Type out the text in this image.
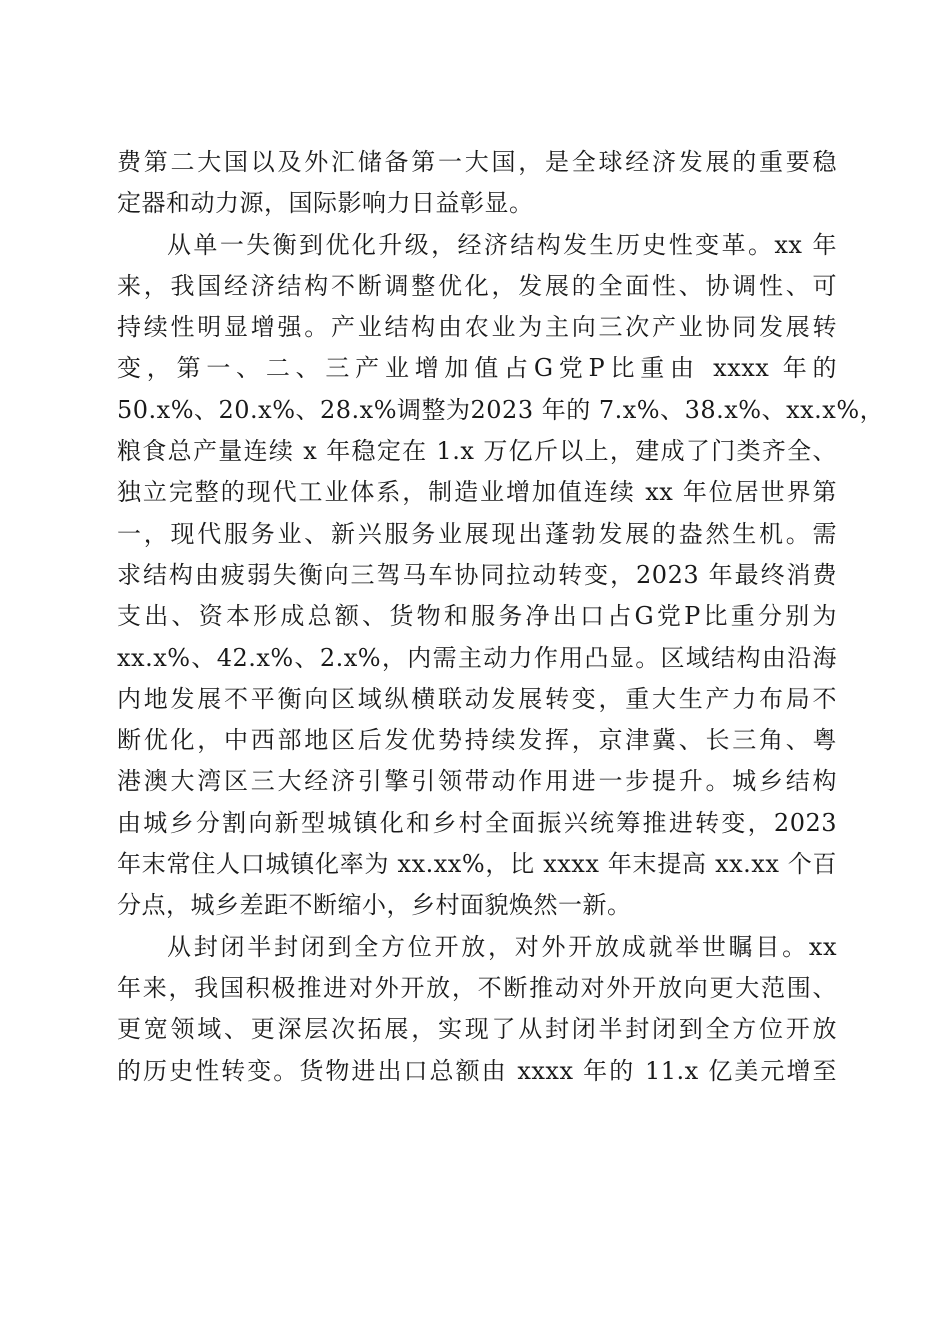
费第二大国以及外汇储备第一大国，是全球经济发展的重要稳
定器和动力源，国际影响力日益彰显。
从单一失衡到优化升级，经济结构发生历史性变革。xx 年
来，我国经济结构不断调整优化，发展的全面性、协调性、可
持续性明显增强。产业结构由农业为主向三次产业协同发展转
变，第一、二、三产业增加值占G党P比重由 xxxx 年的
50.x%、20.x%、28.x%调整为2023 年的 7.x%、38.x%、xx.x%，
粮食总产量连续 x 年稳定在 1.x 万亿斤以上，建成了门类齐全、
独立完整的现代工业体系，制造业增加值连续 xx 年位居世界第
一，现代服务业、新兴服务业展现出蓬勃发展的盎然生机。需
求结构由疲弱失衡向三驾马车协同拉动转变，2023 年最终消费
支出、资本形成总额、货物和服务净出口占G党P比重分别为
xx.x%、42.x%、2.x%，内需主动力作用凸显。区域结构由沿海
内地发展不平衡向区域纵横联动发展转变，重大生产力布局不
断优化，中西部地区后发优势持续发挥，京津冀、长三角、粤
港澳大湾区三大经济引擎引领带动作用进一步提升。城乡结构
由城乡分割向新型城镇化和乡村全面振兴统筹推进转变，2023
年末常住人口城镇化率为 xx.xx%，比 xxxx 年末提高 xx.xx 个百
分点，城乡差距不断缩小，乡村面貌焕然一新。
从封闭半封闭到全方位开放，对外开放成就举世瞩目。xx
年来，我国积极推进对外开放，不断推动对外开放向更大范围、
更宽领域、更深层次拓展，实现了从封闭半封闭到全方位开放
的历史性转变。货物进出口总额由 xxxx 年的 11.x 亿美元增至
